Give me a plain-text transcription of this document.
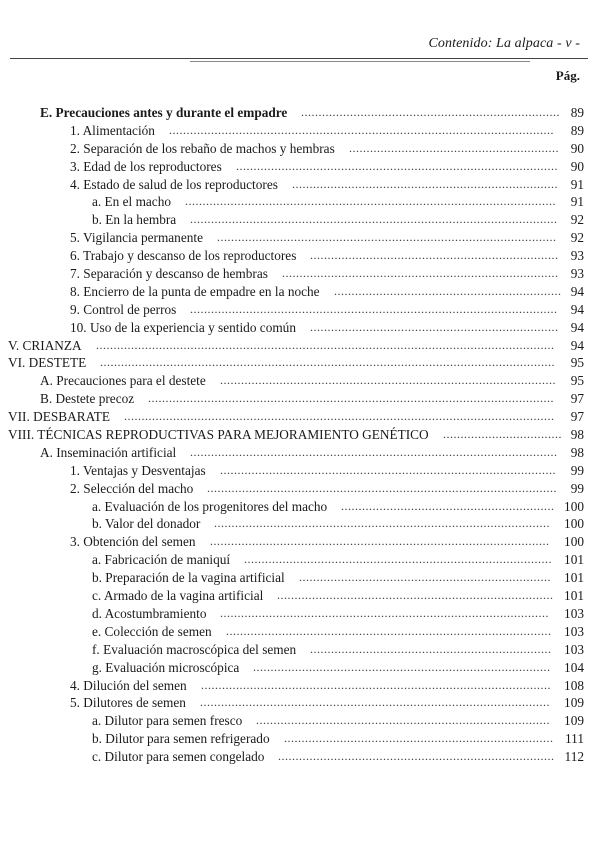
Contenido: La alpaca - v -
Pág.
E. Precauciones antes y durante el empadre .......................................................................... 89
1. Alimentación ..............................................................................................................	89
2. Separación de los rebaño de machos y hembras ............................................................ 90
3. Edad de los reproductores ............................................................................................ 90
4. Estado de salud de los reproductores ............................................................................ 91
a. En el macho ..........................................................................................................	91
b. En la hembra ......................................................................................................... 92
5. Vigilancia permanente .................................................................................................	92
6. Trabajo y descanso de los reproductores ....................................................................... 93
7. Separación y descanso de hembras ............................................................................... 93
8. Encierro de la punta de empadre en la noche ................................................................. 94
9. Control de perros ......................................................................................................... 94
10. Uso de la experiencia y sentido común ....................................................................... 94
V. CRIANZA ...................................................................................................................................	94
VI. DESTETE ..................................................................................................................................	95
A. Precauciones para el destete ................................................................................................	95
B. Destete precoz ....................................................................................................................	97
VII. DESBARATE ...........................................................................................................................	97
VIII. TÉCNICAS REPRODUCTIVAS PARA MEJORAMIENTO GENÉTICO .................................. 98
A. Inseminación artificial ......................................................................................................... 98
1. Ventajas y Desventajas ................................................................................................	99
2. Selección del macho ....................................................................................................	99
a. Evaluación de los progenitores del macho ............................................................. 100
b. Valor del donador ................................................................................................	100
3. Obtención del semen .................................................................................................	100
a. Fabricación de maniquí ........................................................................................ 101
b. Preparación de la vagina artificial ........................................................................ 101
c. Armado de la vagina artificial ............................................................................... 101
d. Acostumbramiento ..............................................................................................	103
e. Colección de semen ............................................................................................. 103
f. Evaluación macroscópica del semen ..................................................................... 103
g. Evaluación microscópica .....................................................................................	104
4. Dilución del semen .................................................................................................... 108
5. Dilutores de semen ....................................................................................................	109
a. Dilutor para semen fresco ....................................................................................	109
b. Dilutor para semen refrigerado ............................................................................. 111
c. Dilutor para semen congelado ............................................................................... 112
